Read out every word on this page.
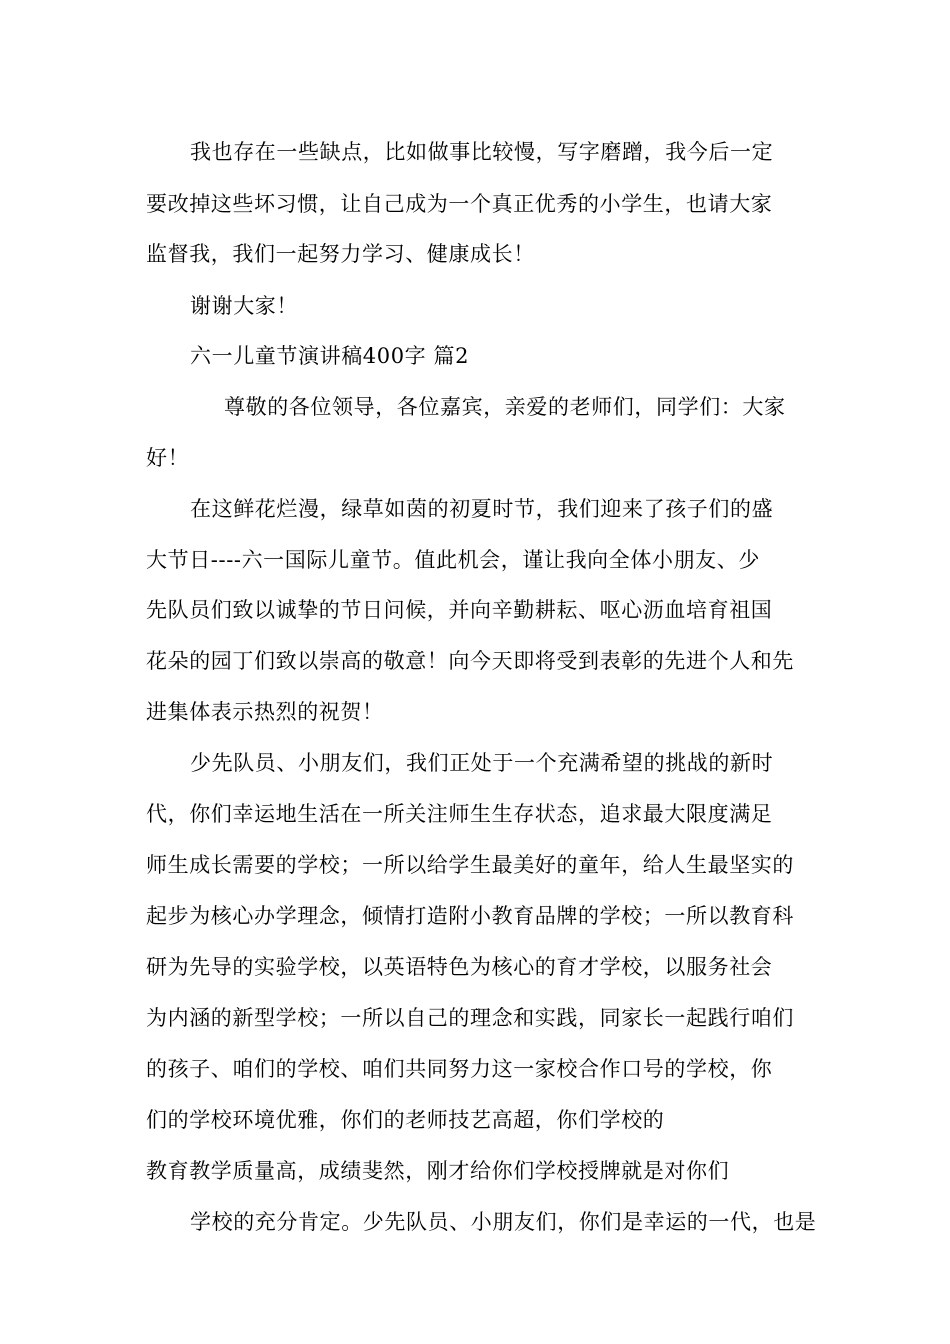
我也存在一些缺点，比如做事比较慢，写字磨蹭，我今后一定
要改掉这些坏习惯，让自己成为一个真正优秀的小学生，也请大家
监督我，我们一起努力学习、健康成长！
谢谢大家！
六一儿童节演讲稿400字 篇2
尊敬的各位领导，各位嘉宾，亲爱的老师们，同学们：大家
好！
在这鲜花烂漫，绿草如茵的初夏时节，我们迎来了孩子们的盛
大节日----六一国际儿童节。值此机会，谨让我向全体小朋友、少
先队员们致以诚挚的节日问候，并向辛勤耕耘、呕心沥血培育祖国
花朵的园丁们致以崇高的敬意！向今天即将受到表彰的先进个人和先
进集体表示热烈的祝贺！
少先队员、小朋友们，我们正处于一个充满希望的挑战的新时
代，你们幸运地生活在一所关注师生生存状态，追求最大限度满足
师生成长需要的学校；一所以给学生最美好的童年，给人生最坚实的
起步为核心办学理念，倾情打造附小教育品牌的学校；一所以教育科
研为先导的实验学校，以英语特色为核心的育才学校，以服务社会
为内涵的新型学校；一所以自己的理念和实践，同家长一起践行咱们
的孩子、咱们的学校、咱们共同努力这一家校合作口号的学校，你
们的学校环境优雅，你们的老师技艺高超，你们学校的
教育教学质量高，成绩斐然，刚才给你们学校授牌就是对你们
学校的充分肯定。少先队员、小朋友们，你们是幸运的一代，也是
